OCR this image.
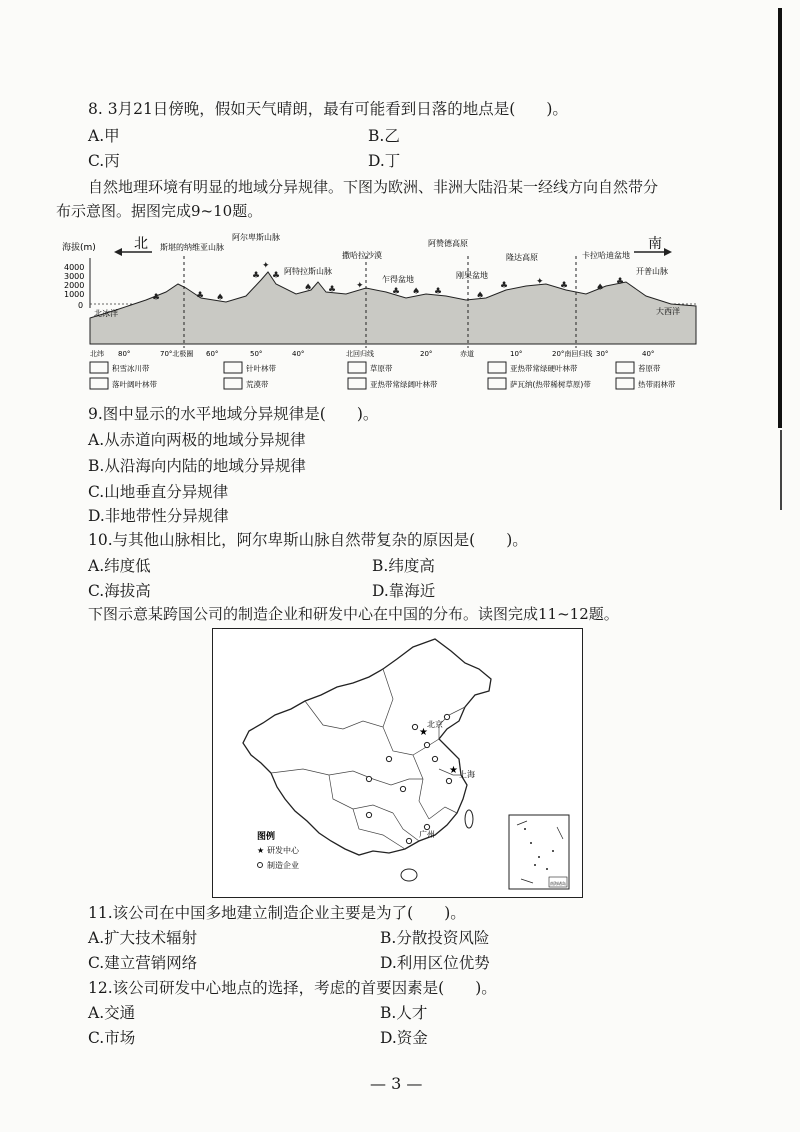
8. 3月21日傍晚，假如天气晴朗，最有可能看到日落的地点是(　　)。
A.甲	B.乙
C.丙	D.丁
自然地理环境有明显的地域分异规律。下图为欧洲、非洲大陆沿某一经线方向自然带分
布示意图。据图完成9~10题。
海拔(m)
4000
3000
2000
1000
0
北	南
斯堪的纳维亚山脉
阿尔卑斯山脉
阿特拉斯山脉
撒哈拉沙漠
乍得盆地
阿赞德高原
刚果盆地
隆达高原	卡拉哈迪盆地
开普山脉
北冰洋	大西洋
♣	♣ ♠
♣
✦
♣
♠ ♣ ✦
♣ ♠ ♣	♠
♣	✦ ♣	♠
♣
北纬 80°	70°北极圈 60°	50°	40°	北回归线	20°	赤道	10°	20°南回归线 30°	40°
积雪冰川带	针叶林带	草原带	亚热带常绿硬叶林带	苔原带
落叶阔叶林带	荒漠带	亚热带常绿阔叶林带	萨瓦纳(热带稀树草原)带	热带雨林带
9.图中显示的水平地域分异规律是(　　)。
A.从赤道向两极的地域分异规律
B.从沿海向内陆的地域分异规律
C.山地垂直分异规律
D.非地带性分异规律
10.与其他山脉相比，阿尔卑斯山脉自然带复杂的原因是(　　)。
A.纬度低	B.纬度高
C.海拔高	D.靠海近
下图示意某跨国公司的制造企业和研发中心在中国的分布。读图完成11~12题。
★
★
北京
上海
广州
图例
★ 研发中心
制造企业
南海诸岛
11.该公司在中国多地建立制造企业主要是为了(　　)。
A.扩大技术辐射	B.分散投资风险
C.建立营销网络	D.利用区位优势
12.该公司研发中心地点的选择，考虑的首要因素是(　　)。
A.交通	B.人才
C.市场	D.资金
— 3 —
